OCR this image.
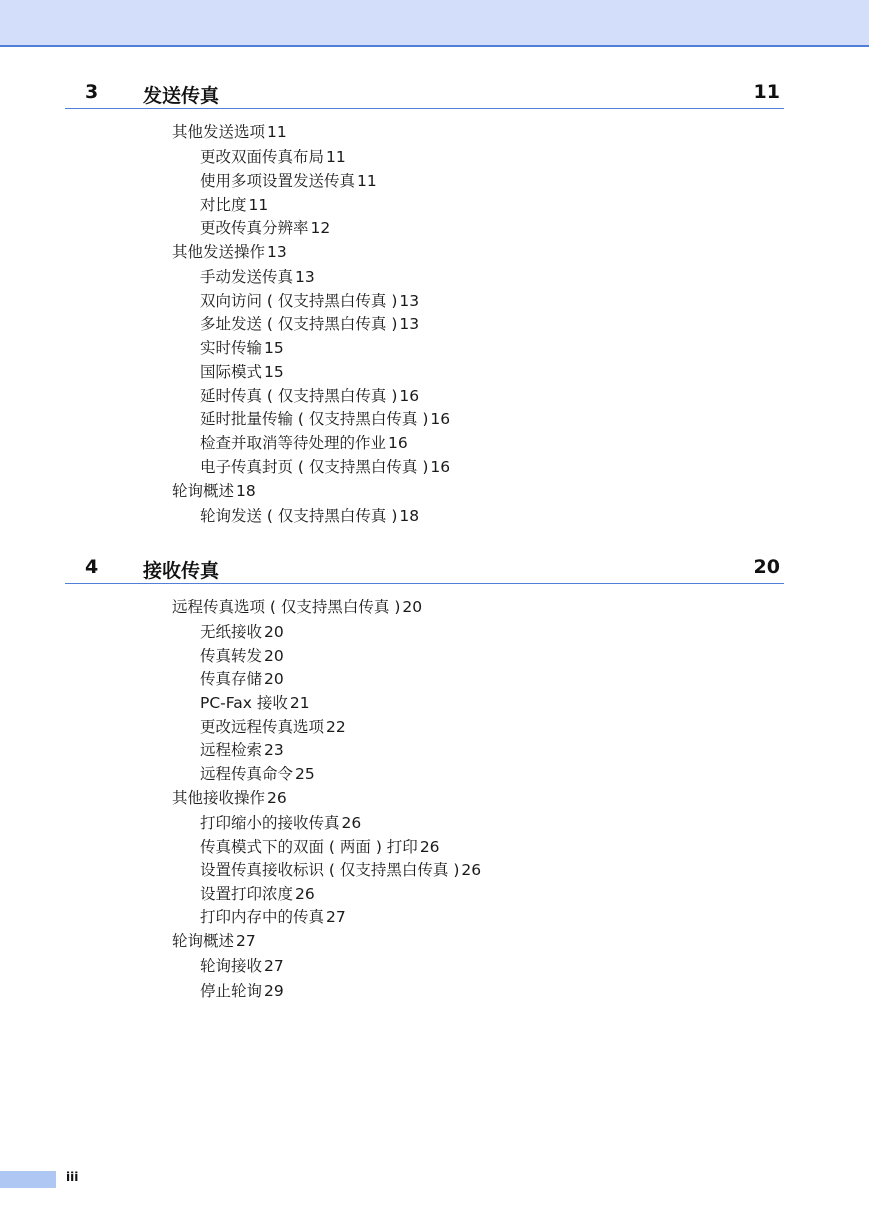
3 发送传真	11
4 接收传真	20
其他发送选项 11
更改双面传真布局 11
使用多项设置发送传真 11
对比度 11
更改传真分辨率 12
其他发送操作 13
手动发送传真 13
双向访问 ( 仅支持黑白传真 ) 13
多址发送 ( 仅支持黑白传真 ) 13
实时传输 15
国际模式 15
延时传真 ( 仅支持黑白传真 ) 16
延时批量传输 ( 仅支持黑白传真 ) 16
检查并取消等待处理的作业 16
电子传真封页 ( 仅支持黑白传真 ) 16
轮询概述 18
轮询发送 ( 仅支持黑白传真 ) 18
远程传真选项 ( 仅支持黑白传真 ) 20
无纸接收 20
传真转发 20
传真存储 20
PC-Fax 接收 21
更改远程传真选项 22
远程检索 23
远程传真命令 25
其他接收操作 26
打印缩小的接收传真 26
传真模式下的双面 ( 两面 ) 打印 26
设置传真接收标识 ( 仅支持黑白传真 ) 26
设置打印浓度 26
打印内存中的传真 27
轮询概述 27
轮询接收 27
停止轮询 29
iii
